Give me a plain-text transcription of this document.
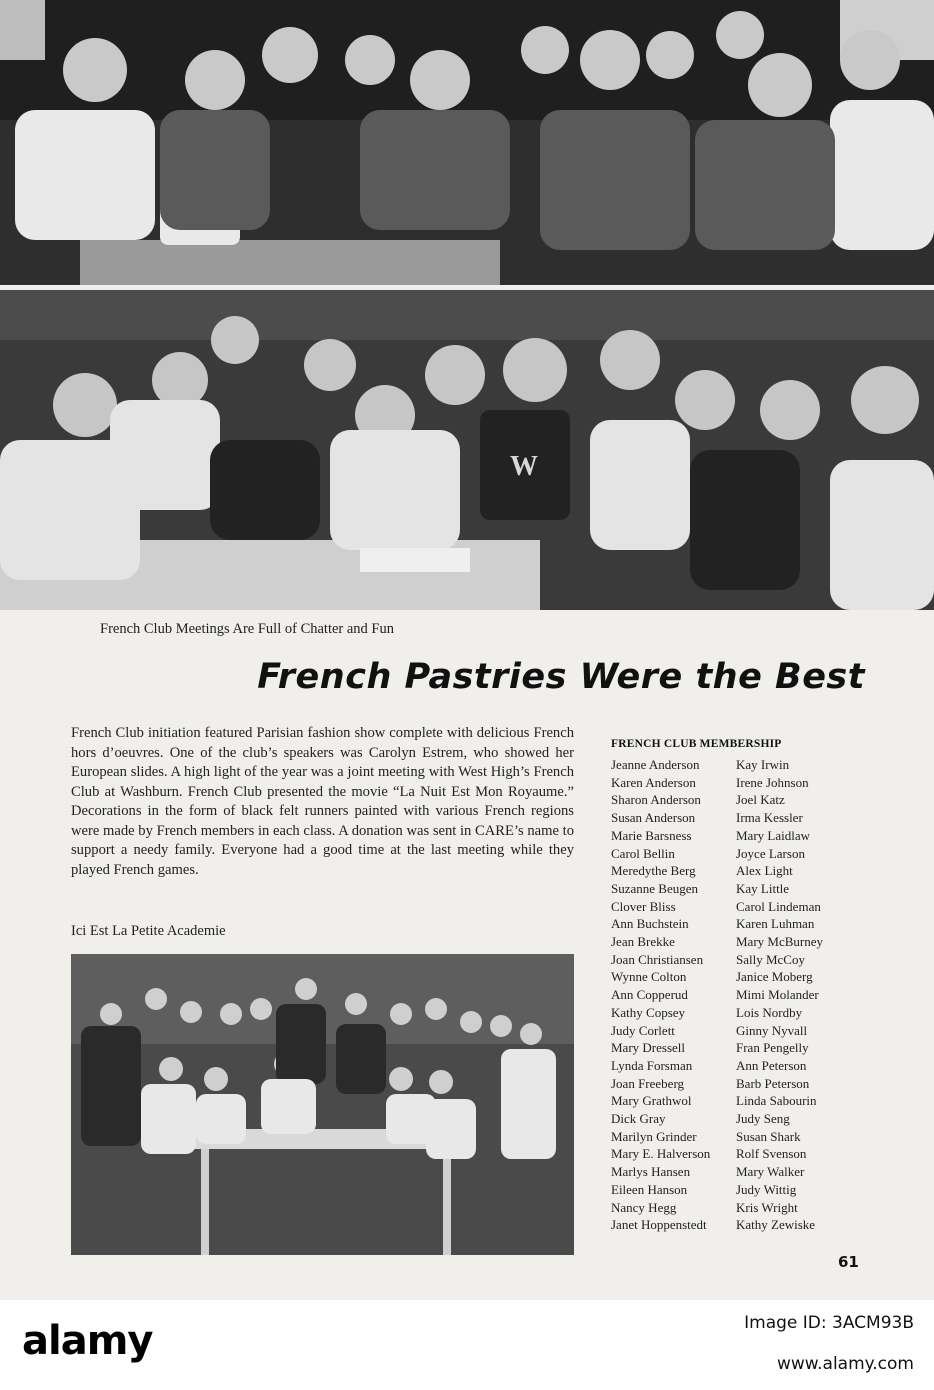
W
French Club Meetings Are Full of Chatter and Fun
French Pastries Were the Best
French Club initiation featured Parisian fashion show complete with delicious French hors d’oeuvres. One of the club’s speakers was Carolyn Estrem, who showed her European slides. A high light of the year was a joint meeting with West High’s French Club at Washburn. French Club presented the movie “La Nuit Est Mon Royaume.” Decorations in the form of black felt runners painted with various French regions were made by French members in each class. A donation was sent in CARE’s name to support a needy family. Everyone had a good time at the last meeting while they played French games.
Ici Est La Petite Academie
FRENCH CLUB MEMBERSHIP
Jeanne Anderson
Karen Anderson
Sharon Anderson
Susan Anderson
Marie Barsness
Carol Bellin
Meredythe Berg
Suzanne Beugen
Clover Bliss
Ann Buchstein
Jean Brekke
Joan Christiansen
Wynne Colton
Ann Copperud
Kathy Copsey
Judy Corlett
Mary Dressell
Lynda Forsman
Joan Freeberg
Mary Grathwol
Dick Gray
Marilyn Grinder
Mary E. Halverson
Marlys Hansen
Eileen Hanson
Nancy Hegg
Janet Hoppenstedt
Kay Irwin
Irene Johnson
Joel Katz
Irma Kessler
Mary Laidlaw
Joyce Larson
Alex Light
Kay Little
Carol Lindeman
Karen Luhman
Mary McBurney
Sally McCoy
Janice Moberg
Mimi Molander
Lois Nordby
Ginny Nyvall
Fran Pengelly
Ann Peterson
Barb Peterson
Linda Sabourin
Judy Seng
Susan Shark
Rolf Svenson
Mary Walker
Judy Wittig
Kris Wright
Kathy Zewiske
61
alamy	Image ID: 3ACM93B
www.alamy.com
